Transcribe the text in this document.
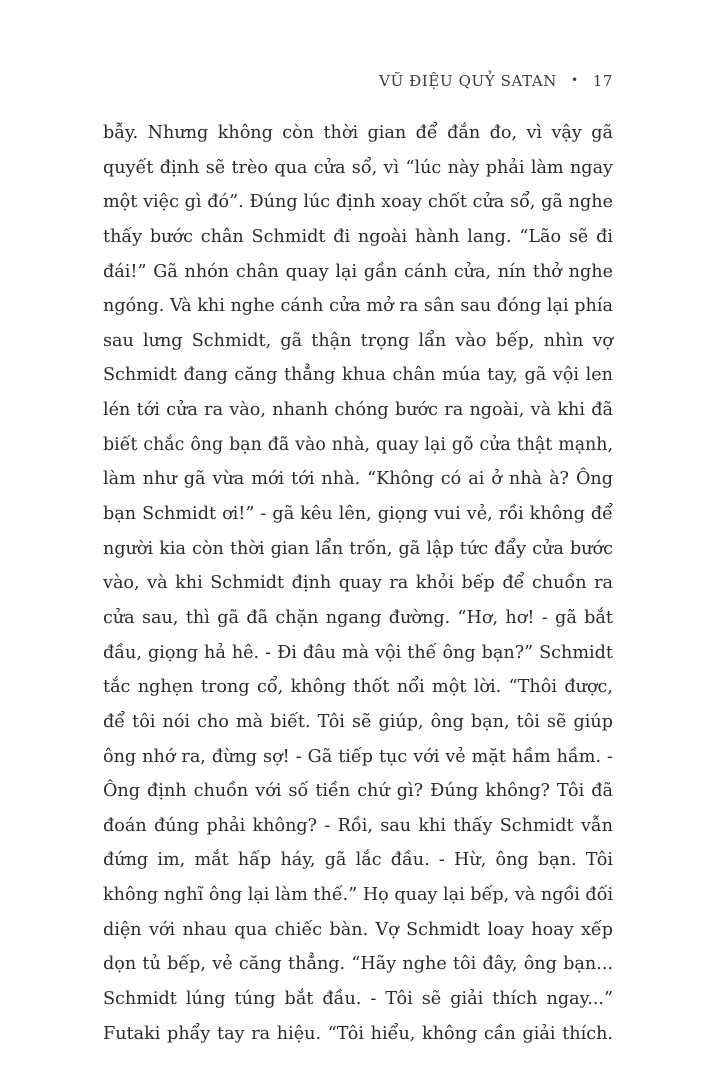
VŨ ĐIỆU QUỶ SATAN • 17
bẫy. Nhưng không còn thời gian để đắn đo, vì vậy gã
quyết định sẽ trèo qua cửa sổ, vì “lúc này phải làm ngay
một việc gì đó”. Đúng lúc định xoay chốt cửa sổ, gã nghe
thấy bước chân Schmidt đi ngoài hành lang. “Lão sẽ đi
đái!” Gã nhón chân quay lại gần cánh cửa, nín thở nghe
ngóng. Và khi nghe cánh cửa mở ra sân sau đóng lại phía
sau lưng Schmidt, gã thận trọng lẩn vào bếp, nhìn vợ
Schmidt đang căng thẳng khua chân múa tay, gã vội len
lén tới cửa ra vào, nhanh chóng bước ra ngoài, và khi đã
biết chắc ông bạn đã vào nhà, quay lại gõ cửa thật mạnh,
làm như gã vừa mới tới nhà. “Không có ai ở nhà à? Ông
bạn Schmidt ơi!” - gã kêu lên, giọng vui vẻ, rồi không để
người kia còn thời gian lẩn trốn, gã lập tức đẩy cửa bước
vào, và khi Schmidt định quay ra khỏi bếp để chuồn ra
cửa sau, thì gã đã chặn ngang đường. “Hơ, hơ! - gã bắt
đầu, giọng hả hê. - Đi đâu mà vội thế ông bạn?” Schmidt
tắc nghẹn trong cổ, không thốt nổi một lời. “Thôi được,
để tôi nói cho mà biết. Tôi sẽ giúp, ông bạn, tôi sẽ giúp
ông nhớ ra, đừng sợ! - Gã tiếp tục với vẻ mặt hầm hầm. -
Ông định chuồn với số tiền chứ gì? Đúng không? Tôi đã
đoán đúng phải không? - Rồi, sau khi thấy Schmidt vẫn
đứng im, mắt hấp háy, gã lắc đầu. - Hừ, ông bạn. Tôi
không nghĩ ông lại làm thế.” Họ quay lại bếp, và ngồi đối
diện với nhau qua chiếc bàn. Vợ Schmidt loay hoay xếp
dọn tủ bếp, vẻ căng thẳng. “Hãy nghe tôi đây, ông bạn...
Schmidt lúng túng bắt đầu. - Tôi sẽ giải thích ngay...”
Futaki phẩy tay ra hiệu. “Tôi hiểu, không cần giải thích.
